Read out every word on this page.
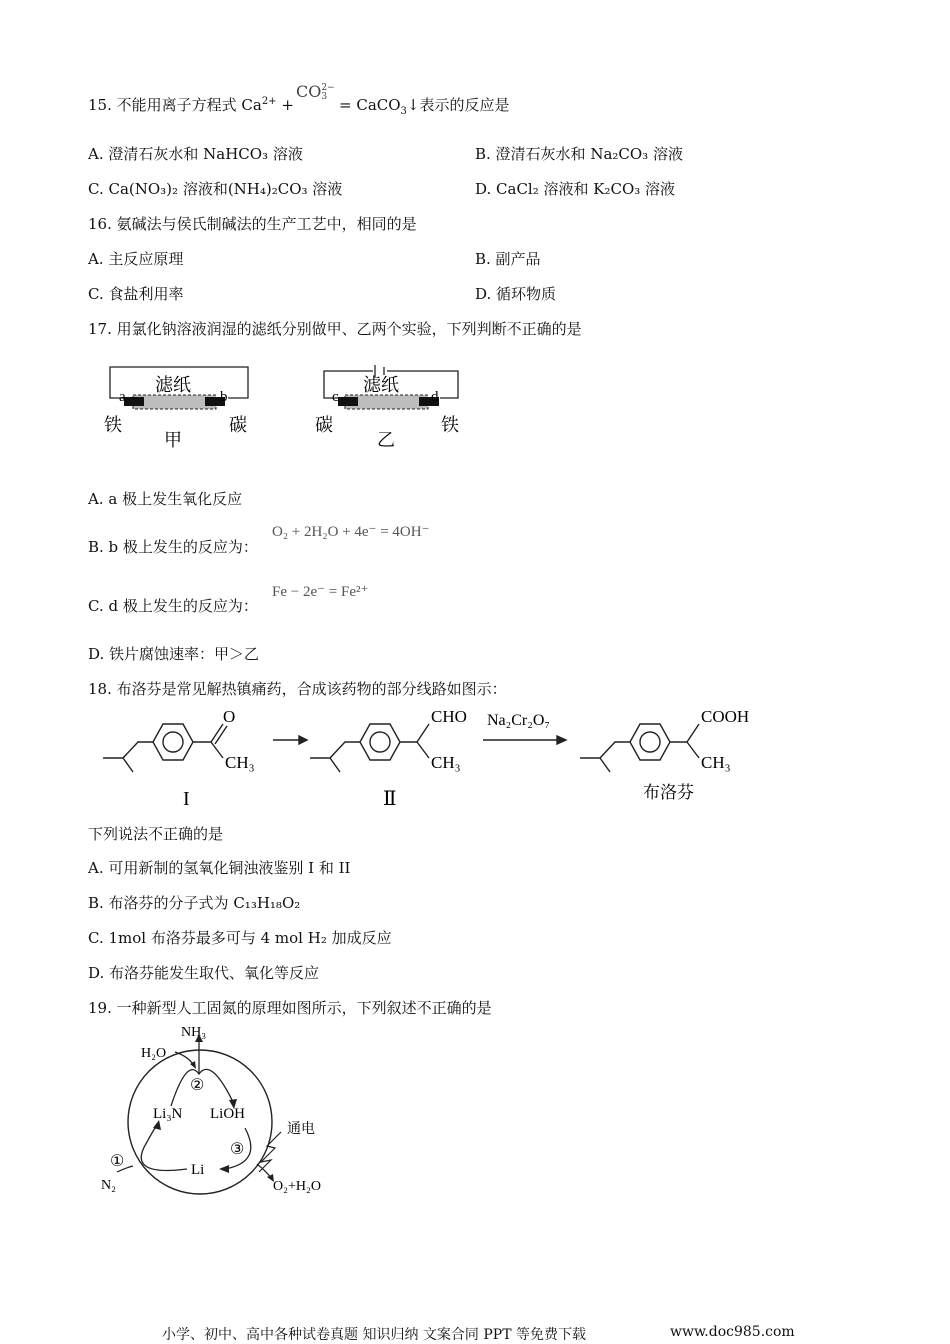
15. 不能用离子方程式 $Ca^{2+}$ +
CO 2−
3 = CaCO$_3$↓表示的反应是
A. 澄清石灰水和 NaHCO₃ 溶液	B. 澄清石灰水和 Na₂CO₃ 溶液
C. Ca(NO₃)₂ 溶液和(NH₄)₂CO₃ 溶液	D. CaCl₂ 溶液和 K₂CO₃ 溶液
16. 氨碱法与侯氏制碱法的生产工艺中，相同的是
A. 主反应原理	B. 副产品
C. 食盐利用率	D. 循环物质
17. 用氯化钠溶液润湿的滤纸分别做甲、乙两个实验，下列判断不正确的是
滤纸
a	b
铁	碳
甲
滤纸
c	d
碳	铁
乙
A. a 极上发生氧化反应
B. b 极上发生的反应为：
O₂ + 2H₂O + 4e⁻ = 4OH⁻
C. d 极上发生的反应为：
Fe − 2e⁻ = Fe²⁺
D. 铁片腐蚀速率：甲＞乙
18. 布洛芬是常见解热镇痛药，合成该药物的部分线路如图示：
O
CH₃
I
CHO
CH₃
Ⅱ
Na₂Cr₂O₇	COOH
CH₃
布洛芬
下列说法不正确的是
A. 可用新制的氢氧化铜浊液鉴别 I 和 II
B. 布洛芬的分子式为 C₁₃H₁₈O₂
C. 1mol 布洛芬最多可与 4 mol H₂ 加成反应
D. 布洛芬能发生取代、氧化等反应
19. 一种新型人工固氮的原理如图所示，下列叙述不正确的是
NH₃
H₂O
②
Li₃N LiOH
③
Li
①
N₂
通电
O₂+H₂O
小学、初中、高中各种试卷真题 知识归纳 文案合同 PPT 等免费下载	www.doc985.com
